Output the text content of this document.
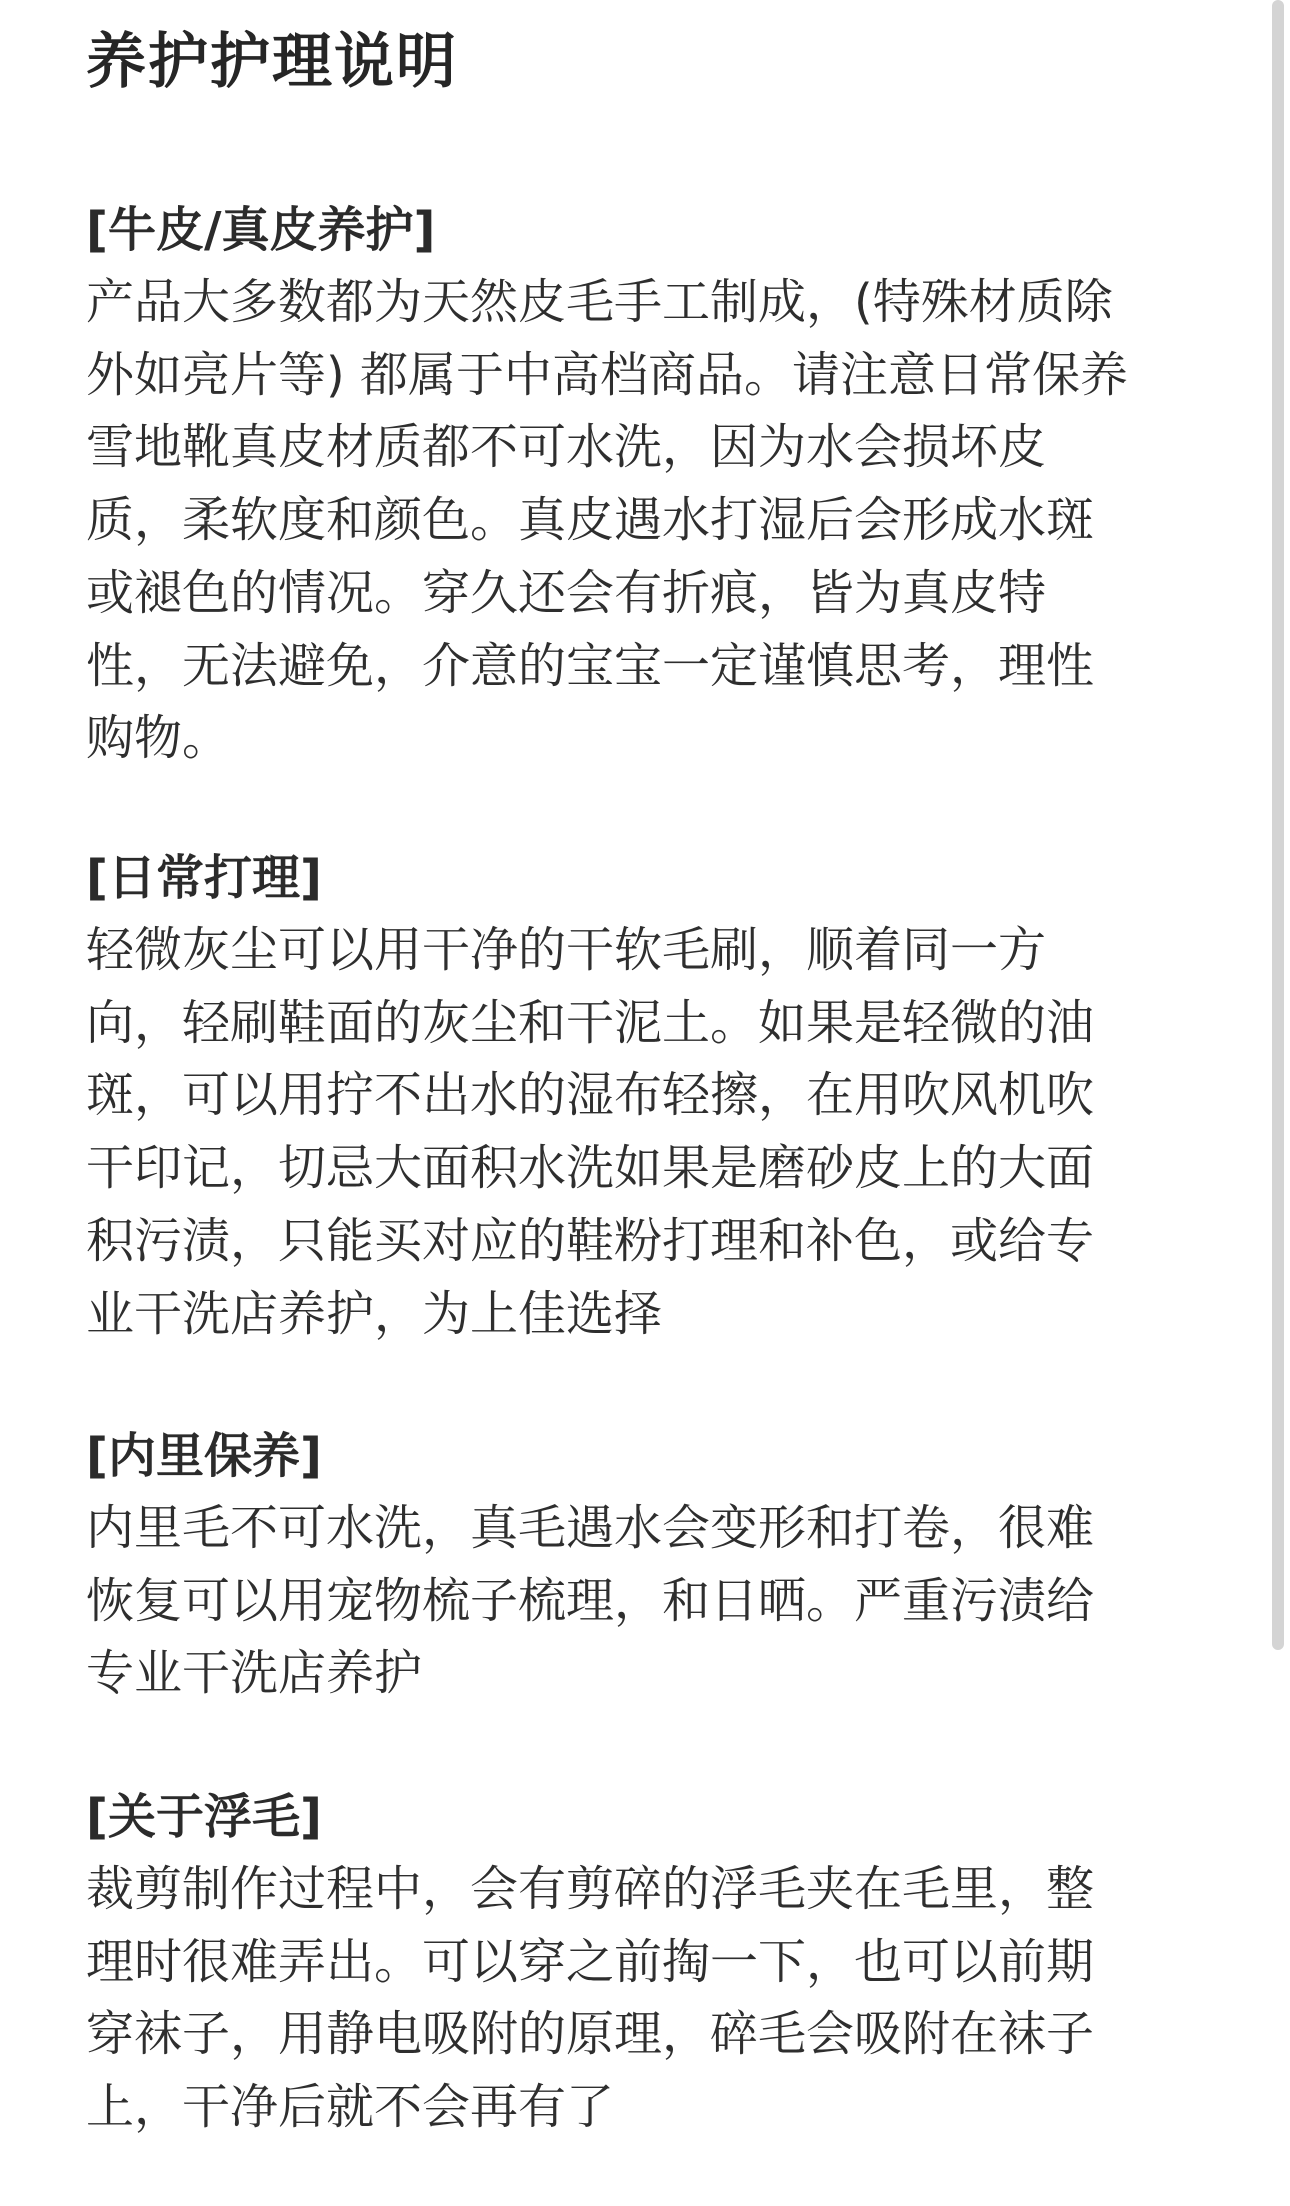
养护护理说明
[牛皮/真皮养护]

产品大多数都为天然皮毛手工制成，(特殊材质除

外如亮片等) 都属于中高档商品。请注意日常保养

雪地靴真皮材质都不可水洗，因为水会损坏皮

质，柔软度和颜色。真皮遇水打湿后会形成水斑

或褪色的情况。穿久还会有折痕，皆为真皮特

性，无法避免，介意的宝宝一定谨慎思考，理性

购物。

[日常打理]

轻微灰尘可以用干净的干软毛刷，顺着同一方

向，轻刷鞋面的灰尘和干泥土。如果是轻微的油

斑，可以用拧不出水的湿布轻擦，在用吹风机吹

干印记，切忌大面积水洗如果是磨砂皮上的大面

积污渍，只能买对应的鞋粉打理和补色，或给专

业干洗店养护，为上佳选择

[内里保养]

内里毛不可水洗，真毛遇水会变形和打卷，很难

恢复可以用宠物梳子梳理，和日晒。严重污渍给

专业干洗店养护

[关于浮毛]

裁剪制作过程中，会有剪碎的浮毛夹在毛里，整

理时很难弄出。可以穿之前掏一下，也可以前期

穿袜子，用静电吸附的原理，碎毛会吸附在袜子

上，干净后就不会再有了
